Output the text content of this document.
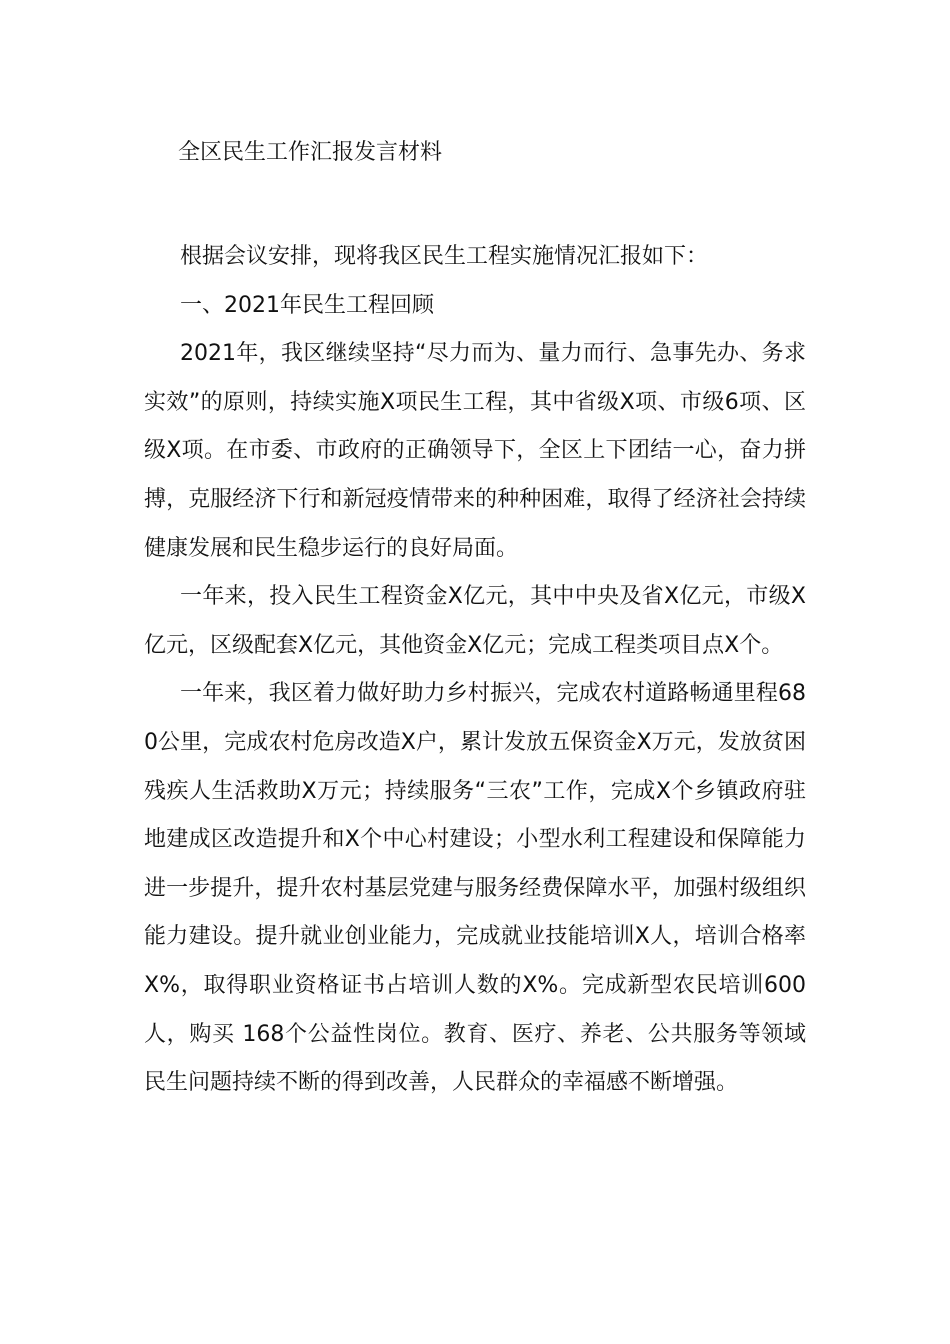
全区民生工作汇报发言材料

根据会议安排，现将我区民生工程实施情况汇报如下：

一、2021年民生工程回顾

2021年，我区继续坚持“尽力而为、量力而行、急事先办、务求实效”的原则，持续实施X项民生工程，其中省级X项、市级6项、区级X项。在市委、市政府的正确领导下，全区上下团结一心，奋力拼搏，克服经济下行和新冠疫情带来的种种困难，取得了经济社会持续健康发展和民生稳步运行的良好局面。

一年来，投入民生工程资金X亿元，其中中央及省X亿元，市级X亿元，区级配套X亿元，其他资金X亿元；完成工程类项目点X个。

一年来，我区着力做好助力乡村振兴，完成农村道路畅通里程680公里，完成农村危房改造X户，累计发放五保资金X万元，发放贫困残疾人生活救助X万元；持续服务“三农”工作，完成X个乡镇政府驻地建成区改造提升和X个中心村建设；小型水利工程建设和保障能力进一步提升，提升农村基层党建与服务经费保障水平，加强村级组织能力建设。提升就业创业能力，完成就业技能培训X人，培训合格率X%，取得职业资格证书占培训人数的X%。完成新型农民培训600人，购买 168个公益性岗位。教育、医疗、养老、公共服务等领域民生问题持续不断的得到改善，人民群众的幸福感不断增强。
